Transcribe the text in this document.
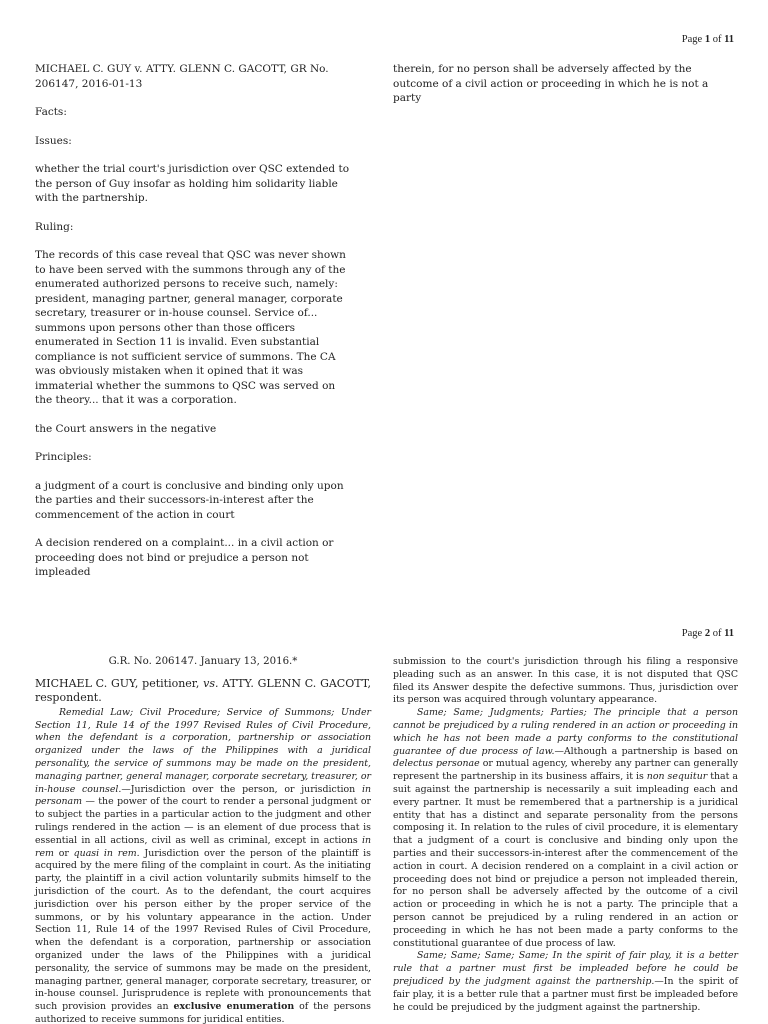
Page 1 of 11

MICHAEL C. GUY v. ATTY. GLENN C. GACOTT, GR No. 206147, 2016-01-13

Facts:

Issues:

whether the trial court's jurisdiction over QSC extended to the person of Guy insofar as holding him solidarity liable with the partnership.

Ruling:

The records of this case reveal that QSC was never shown to have been served with the summons through any of the enumerated authorized persons to receive such, namely: president, managing partner, general manager, corporate secretary, treasurer or in-house counsel. Service of... summons upon persons other than those officers enumerated in Section 11 is invalid. Even substantial compliance is not sufficient service of summons. The CA was obviously mistaken when it opined that it was immaterial whether the summons to QSC was served on the theory... that it was a corporation.

the Court answers in the negative

Principles:

a judgment of a court is conclusive and binding only upon the parties and their successors-in-interest after the commencement of the action in court

A decision rendered on a complaint... in a civil action or proceeding does not bind or prejudice a person not impleaded

therein, for no person shall be adversely affected by the outcome of a civil action or proceeding in which he is not a party

Page 2 of 11

G.R. No. 206147. January 13, 2016.*

MICHAEL C. GUY, petitioner, vs. ATTY. GLENN C. GACOTT, respondent.

Remedial Law; Civil Procedure; Service of Summons; Under Section 11, Rule 14 of the 1997 Revised Rules of Civil Procedure, when the defendant is a corporation, partnership or association organized under the laws of the Philippines with a juridical personality, the service of summons may be made on the president, managing partner, general manager, corporate secretary, treasurer, or in-house counsel.—Jurisdiction over the person, or jurisdiction in personam — the power of the court to render a personal judgment or to subject the parties in a particular action to the judgment and other rulings rendered in the action — is an element of due process that is essential in all actions, civil as well as criminal, except in actions in rem or quasi in rem. Jurisdiction over the person of the plaintiff is acquired by the mere filing of the complaint in court. As the initiating party, the plaintiff in a civil action voluntarily submits himself to the jurisdiction of the court. As to the defendant, the court acquires jurisdiction over his person either by the proper service of the summons, or by his voluntary appearance in the action. Under Section 11, Rule 14 of the 1997 Revised Rules of Civil Procedure, when the defendant is a corporation, partnership or association organized under the laws of the Philippines with a juridical personality, the service of summons may be made on the president, managing partner, general manager, corporate secretary, treasurer, or in-house counsel. Jurisprudence is replete with pronouncements that such provision provides an exclusive enumeration of the persons authorized to receive summons for juridical entities.

submission to the court's jurisdiction through his filing a responsive pleading such as an answer. In this case, it is not disputed that QSC filed its Answer despite the defective summons. Thus, jurisdiction over its person was acquired through voluntary appearance.

Same; Same; Judgments; Parties; The principle that a person cannot be prejudiced by a ruling rendered in an action or proceeding in which he has not been made a party conforms to the constitutional guarantee of due process of law.—Although a partnership is based on delectus personae or mutual agency, whereby any partner can generally represent the partnership in its business affairs, it is non sequitur that a suit against the partnership is necessarily a suit impleading each and every partner. It must be remembered that a partnership is a juridical entity that has a distinct and separate personality from the persons composing it. In relation to the rules of civil procedure, it is elementary that a judgment of a court is conclusive and binding only upon the parties and their successors-in-interest after the commencement of the action in court. A decision rendered on a complaint in a civil action or proceeding does not bind or prejudice a person not impleaded therein, for no person shall be adversely affected by the outcome of a civil action or proceeding in which he is not a party. The principle that a person cannot be prejudiced by a ruling rendered in an action or proceeding in which he has not been made a party conforms to the constitutional guarantee of due process of law.

Same; Same; Same; Same; In the spirit of fair play, it is a better rule that a partner must first be impleaded before he could be prejudiced by the judgment against the partnership.—In the spirit of fair play, it is a better rule that a partner must first be impleaded before he could be prejudiced by the judgment against the partnership.
